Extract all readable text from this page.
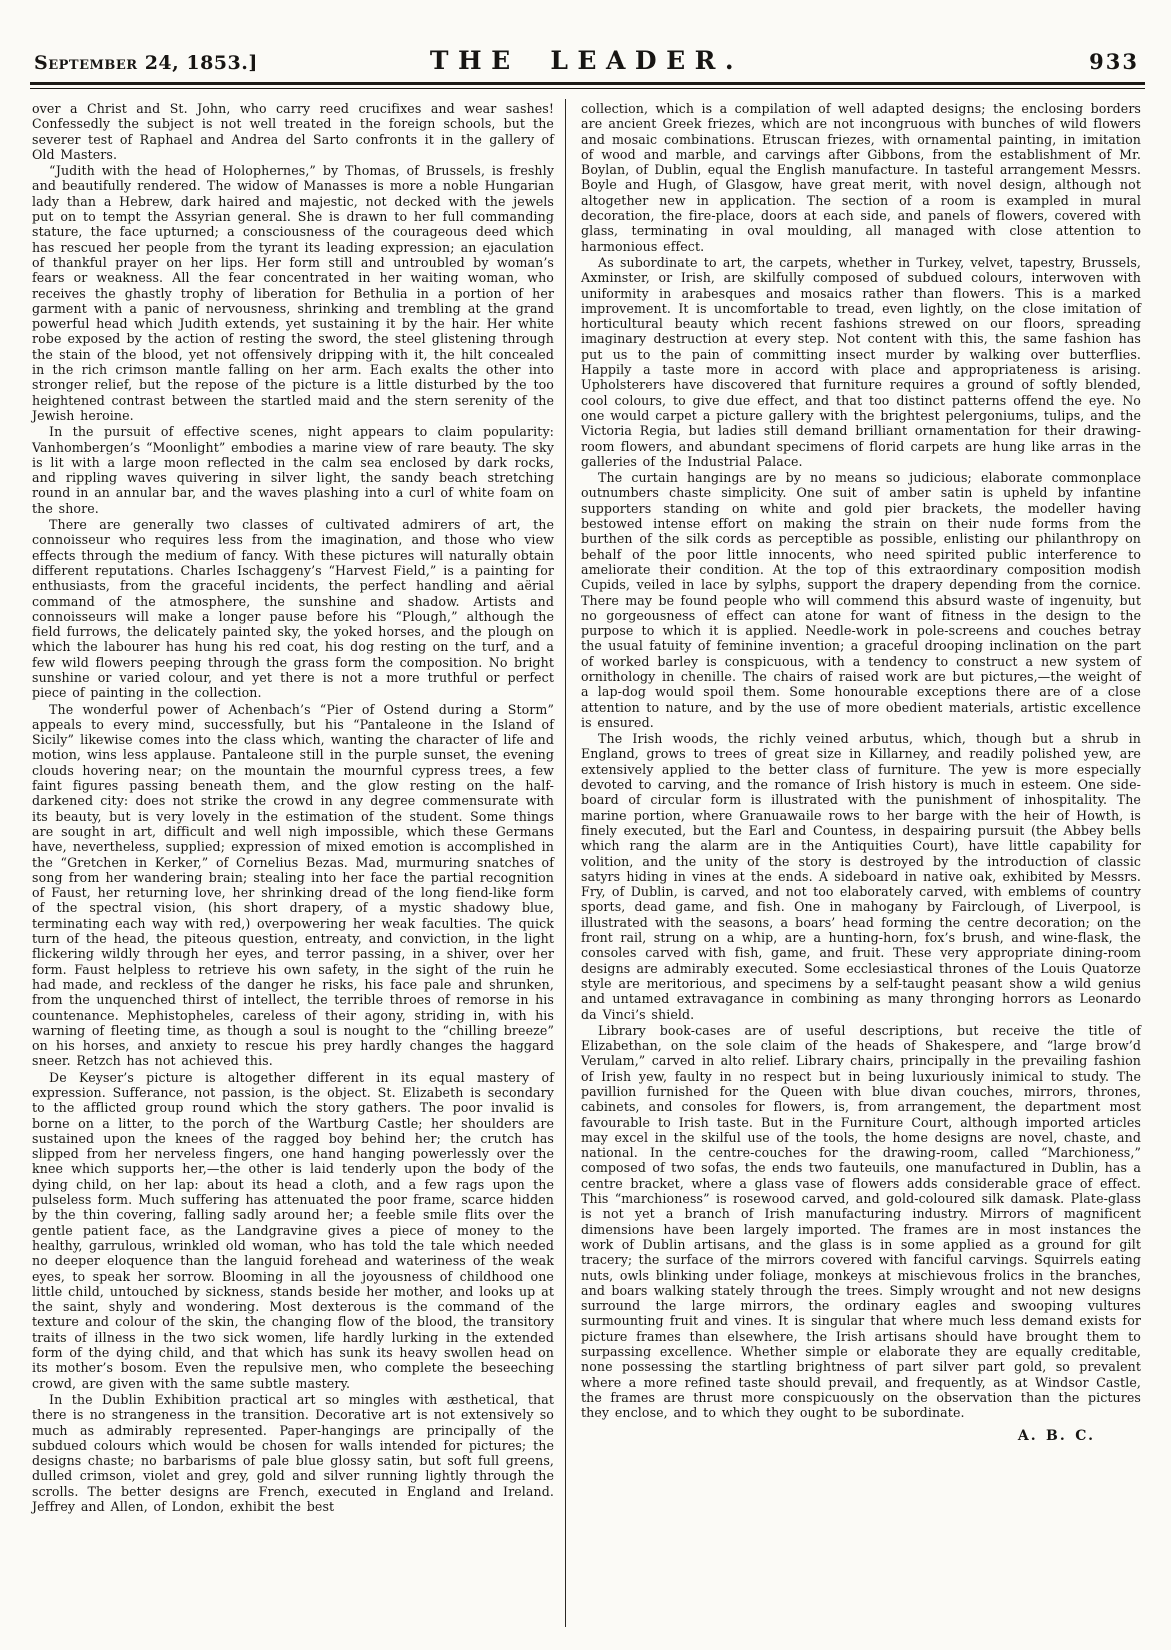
September 24, 1853.]	THE LEADER.	933

over a Christ and St. John, who carry reed crucifixes and wear sashes! Confessedly the subject is not well treated in the foreign schools, but the severer test of Raphael and Andrea del Sarto confronts it in the gallery of Old Masters.

“Judith with the head of Holophernes,” by Thomas, of Brussels, is freshly and beautifully rendered. The widow of Manasses is more a noble Hungarian lady than a Hebrew, dark haired and majestic, not decked with the jewels put on to tempt the Assyrian general. She is drawn to her full commanding stature, the face upturned; a consciousness of the courageous deed which has rescued her people from the tyrant its leading expression; an ejaculation of thankful prayer on her lips. Her form still and untroubled by woman’s fears or weakness. All the fear concentrated in her waiting woman, who receives the ghastly trophy of liberation for Bethulia in a portion of her garment with a panic of nervousness, shrinking and trembling at the grand powerful head which Judith extends, yet sustaining it by the hair. Her white robe exposed by the action of resting the sword, the steel glistening through the stain of the blood, yet not offensively dripping with it, the hilt concealed in the rich crimson mantle falling on her arm. Each exalts the other into stronger relief, but the repose of the picture is a little disturbed by the too heightened contrast between the startled maid and the stern serenity of the Jewish heroine.

In the pursuit of effective scenes, night appears to claim popularity: Vanhombergen’s “Moonlight” embodies a marine view of rare beauty. The sky is lit with a large moon reflected in the calm sea enclosed by dark rocks, and rippling waves quivering in silver light, the sandy beach stretching round in an annular bar, and the waves plashing into a curl of white foam on the shore.

There are generally two classes of cultivated admirers of art, the connoisseur who requires less from the imagination, and those who view effects through the medium of fancy. With these pictures will naturally obtain different reputations. Charles Ischaggeny’s “Harvest Field,” is a painting for enthusiasts, from the graceful incidents, the perfect handling and aërial command of the atmosphere, the sunshine and shadow. Artists and connoisseurs will make a longer pause before his “Plough,” although the field furrows, the delicately painted sky, the yoked horses, and the plough on which the labourer has hung his red coat, his dog resting on the turf, and a few wild flowers peeping through the grass form the composition. No bright sunshine or varied colour, and yet there is not a more truthful or perfect piece of painting in the collection.

The wonderful power of Achenbach’s “Pier of Ostend during a Storm” appeals to every mind, successfully, but his “Pantaleone in the Island of Sicily” likewise comes into the class which, wanting the character of life and motion, wins less applause. Pantaleone still in the purple sunset, the evening clouds hovering near; on the mountain the mournful cypress trees, a few faint figures passing beneath them, and the glow resting on the half-darkened city: does not strike the crowd in any degree commensurate with its beauty, but is very lovely in the estimation of the student. Some things are sought in art, difficult and well nigh impossible, which these Germans have, nevertheless, supplied; expression of mixed emotion is accomplished in the “Gretchen in Kerker,” of Cornelius Bezas. Mad, murmuring snatches of song from her wandering brain; stealing into her face the partial recognition of Faust, her returning love, her shrinking dread of the long fiend-like form of the spectral vision, (his short drapery, of a mystic shadowy blue, terminating each way with red,) overpowering her weak faculties. The quick turn of the head, the piteous question, entreaty, and conviction, in the light flickering wildly through her eyes, and terror passing, in a shiver, over her form. Faust helpless to retrieve his own safety, in the sight of the ruin he had made, and reckless of the danger he risks, his face pale and shrunken, from the unquenched thirst of intellect, the terrible throes of remorse in his countenance. Mephistopheles, careless of their agony, striding in, with his warning of fleeting time, as though a soul is nought to the “chilling breeze” on his horses, and anxiety to rescue his prey hardly changes the haggard sneer. Retzch has not achieved this.

De Keyser’s picture is altogether different in its equal mastery of expression. Sufferance, not passion, is the object. St. Elizabeth is secondary to the afflicted group round which the story gathers. The poor invalid is borne on a litter, to the porch of the Wartburg Castle; her shoulders are sustained upon the knees of the ragged boy behind her; the crutch has slipped from her nerveless fingers, one hand hanging powerlessly over the knee which supports her,—the other is laid tenderly upon the body of the dying child, on her lap: about its head a cloth, and a few rags upon the pulseless form. Much suffering has attenuated the poor frame, scarce hidden by the thin covering, falling sadly around her; a feeble smile flits over the gentle patient face, as the Landgravine gives a piece of money to the healthy, garrulous, wrinkled old woman, who has told the tale which needed no deeper eloquence than the languid forehead and wateriness of the weak eyes, to speak her sorrow. Blooming in all the joyousness of childhood one little child, untouched by sickness, stands beside her mother, and looks up at the saint, shyly and wondering. Most dexterous is the command of the texture and colour of the skin, the changing flow of the blood, the transitory traits of illness in the two sick women, life hardly lurking in the extended form of the dying child, and that which has sunk its heavy swollen head on its mother’s bosom. Even the repulsive men, who complete the beseeching crowd, are given with the same subtle mastery.

In the Dublin Exhibition practical art so mingles with æsthetical, that there is no strangeness in the transition. Decorative art is not extensively so much as admirably represented. Paper-hangings are principally of the subdued colours which would be chosen for walls intended for pictures; the designs chaste; no barbarisms of pale blue glossy satin, but soft full greens, dulled crimson, violet and grey, gold and silver running lightly through the scrolls. The better designs are French, executed in England and Ireland. Jeffrey and Allen, of London, exhibit the best

collection, which is a compilation of well adapted designs; the enclosing borders are ancient Greek friezes, which are not incongruous with bunches of wild flowers and mosaic combinations. Etruscan friezes, with ornamental painting, in imitation of wood and marble, and carvings after Gibbons, from the establishment of Mr. Boylan, of Dublin, equal the English manufacture. In tasteful arrangement Messrs. Boyle and Hugh, of Glasgow, have great merit, with novel design, although not altogether new in application. The section of a room is exampled in mural decoration, the fire-place, doors at each side, and panels of flowers, covered with glass, terminating in oval moulding, all managed with close attention to harmonious effect.

As subordinate to art, the carpets, whether in Turkey, velvet, tapestry, Brussels, Axminster, or Irish, are skilfully composed of subdued colours, interwoven with uniformity in arabesques and mosaics rather than flowers. This is a marked improvement. It is uncomfortable to tread, even lightly, on the close imitation of horticultural beauty which recent fashions strewed on our floors, spreading imaginary destruction at every step. Not content with this, the same fashion has put us to the pain of committing insect murder by walking over butterflies. Happily a taste more in accord with place and appropriateness is arising. Upholsterers have discovered that furniture requires a ground of softly blended, cool colours, to give due effect, and that too distinct patterns offend the eye. No one would carpet a picture gallery with the brightest pelergoniums, tulips, and the Victoria Regia, but ladies still demand brilliant ornamentation for their drawing-room flowers, and abundant specimens of florid carpets are hung like arras in the galleries of the Industrial Palace.

The curtain hangings are by no means so judicious; elaborate commonplace outnumbers chaste simplicity. One suit of amber satin is upheld by infantine supporters standing on white and gold pier brackets, the modeller having bestowed intense effort on making the strain on their nude forms from the burthen of the silk cords as perceptible as possible, enlisting our philanthropy on behalf of the poor little innocents, who need spirited public interference to ameliorate their condition. At the top of this extraordinary composition modish Cupids, veiled in lace by sylphs, support the drapery depending from the cornice. There may be found people who will commend this absurd waste of ingenuity, but no gorgeousness of effect can atone for want of fitness in the design to the purpose to which it is applied. Needle-work in pole-screens and couches betray the usual fatuity of feminine invention; a graceful drooping inclination on the part of worked barley is conspicuous, with a tendency to construct a new system of ornithology in chenille. The chairs of raised work are but pictures,—the weight of a lap-dog would spoil them. Some honourable exceptions there are of a close attention to nature, and by the use of more obedient materials, artistic excellence is ensured.

The Irish woods, the richly veined arbutus, which, though but a shrub in England, grows to trees of great size in Killarney, and readily polished yew, are extensively applied to the better class of furniture. The yew is more especially devoted to carving, and the romance of Irish history is much in esteem. One side-board of circular form is illustrated with the punishment of inhospitality. The marine portion, where Granuawaile rows to her barge with the heir of Howth, is finely executed, but the Earl and Countess, in despairing pursuit (the Abbey bells which rang the alarm are in the Antiquities Court), have little capability for volition, and the unity of the story is destroyed by the introduction of classic satyrs hiding in vines at the ends. A sideboard in native oak, exhibited by Messrs. Fry, of Dublin, is carved, and not too elaborately carved, with emblems of country sports, dead game, and fish. One in mahogany by Fairclough, of Liverpool, is illustrated with the seasons, a boars’ head forming the centre decoration; on the front rail, strung on a whip, are a hunting-horn, fox’s brush, and wine-flask, the consoles carved with fish, game, and fruit. These very appropriate dining-room designs are admirably executed. Some ecclesiastical thrones of the Louis Quatorze style are meritorious, and specimens by a self-taught peasant show a wild genius and untamed extravagance in combining as many thronging horrors as Leonardo da Vinci’s shield.

Library book-cases are of useful descriptions, but receive the title of Elizabethan, on the sole claim of the heads of Shakespere, and “large brow’d Verulam,” carved in alto relief. Library chairs, principally in the prevailing fashion of Irish yew, faulty in no respect but in being luxuriously inimical to study. The pavillion furnished for the Queen with blue divan couches, mirrors, thrones, cabinets, and consoles for flowers, is, from arrangement, the department most favourable to Irish taste. But in the Furniture Court, although imported articles may excel in the skilful use of the tools, the home designs are novel, chaste, and national. In the centre-couches for the drawing-room, called “Marchioness,” composed of two sofas, the ends two fauteuils, one manufactured in Dublin, has a centre bracket, where a glass vase of flowers adds considerable grace of effect. This “marchioness” is rosewood carved, and gold-coloured silk damask. Plate-glass is not yet a branch of Irish manufacturing industry. Mirrors of magnificent dimensions have been largely imported. The frames are in most instances the work of Dublin artisans, and the glass is in some applied as a ground for gilt tracery; the surface of the mirrors covered with fanciful carvings. Squirrels eating nuts, owls blinking under foliage, monkeys at mischievous frolics in the branches, and boars walking stately through the trees. Simply wrought and not new designs surround the large mirrors, the ordinary eagles and swooping vultures surmounting fruit and vines. It is singular that where much less demand exists for picture frames than elsewhere, the Irish artisans should have brought them to surpassing excellence. Whether simple or elaborate they are equally creditable, none possessing the startling brightness of part silver part gold, so prevalent where a more refined taste should prevail, and frequently, as at Windsor Castle, the frames are thrust more conspicuously on the observation than the pictures they enclose, and to which they ought to be subordinate.

A. B. C.
